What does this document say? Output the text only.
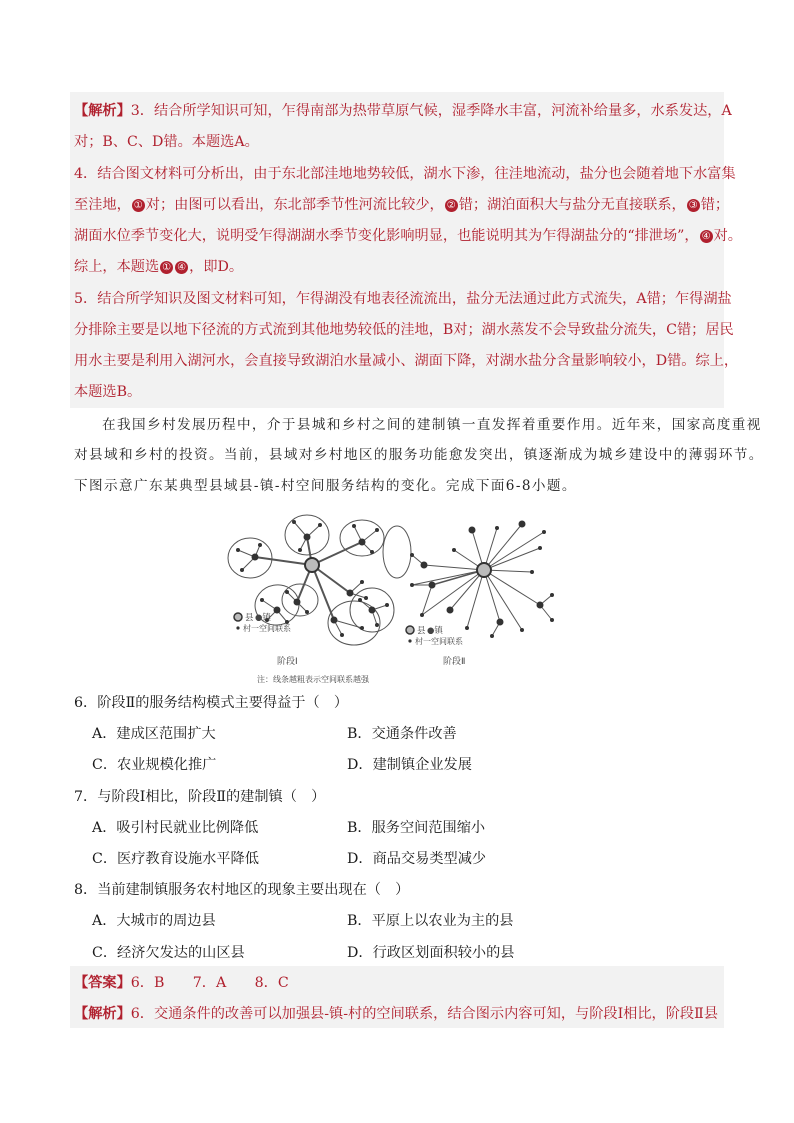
【解析】3．结合所学知识可知，乍得南部为热带草原气候，湿季降水丰富，河流补给量多，水系发达，A
对；B、C、D错。本题选A。
4．结合图文材料可分析出，由于东北部洼地地势较低，湖水下渗，往洼地流动，盐分也会随着地下水富集
至洼地， ① 对；由图可以看出，东北部季节性河流比较少， ② 错；湖泊面积大与盐分无直接联系， ③ 错；
湖面水位季节变化大，说明受乍得湖湖水季节变化影响明显，也能说明其为乍得湖盐分的“排泄场”， ④ 对。
综上，本题选 ① ④ ，即D。
5．结合所学知识及图文材料可知，乍得湖没有地表径流流出，盐分无法通过此方式流失，A错；乍得湖盐
分排除主要是以地下径流的方式流到其他地势较低的洼地，B对；湖水蒸发不会导致盐分流失，C错；居民
用水主要是利用入湖河水，会直接导致湖泊水量减小、湖面下降，对湖水盐分含量影响较小，D错。综上，
本题选B。
在我国乡村发展历程中，介于县城和乡村之间的建制镇一直发挥着重要作用。近年来，国家高度重视
对县域和乡村的投资。当前，县域对乡村地区的服务功能愈发突出，镇逐渐成为城乡建设中的薄弱环节。
下图示意广东某典型县域县-镇-村空间服务结构的变化。完成下面6-8小题。
县 ●镇
村一空间联系
阶段Ⅰ
县 ●镇
村一空间联系
阶段Ⅱ
注：线条越粗表示空间联系越强
6．阶段Ⅱ的服务结构模式主要得益于（　）
A．建成区范围扩大	B．交通条件改善
C．农业规模化推广	D．建制镇企业发展
7．与阶段Ⅰ相比，阶段Ⅱ的建制镇（　）
A．吸引村民就业比例降低	B．服务空间范围缩小
C．医疗教育设施水平降低	D．商品交易类型减少
8．当前建制镇服务农村地区的现象主要出现在（　）
A．大城市的周边县	B．平原上以农业为主的县
C．经济欠发达的山区县	D．行政区划面积较小的县
【答案】6．B　　7．A　　8．C
【解析】6．交通条件的改善可以加强县-镇-村的空间联系，结合图示内容可知，与阶段Ⅰ相比，阶段Ⅱ县
